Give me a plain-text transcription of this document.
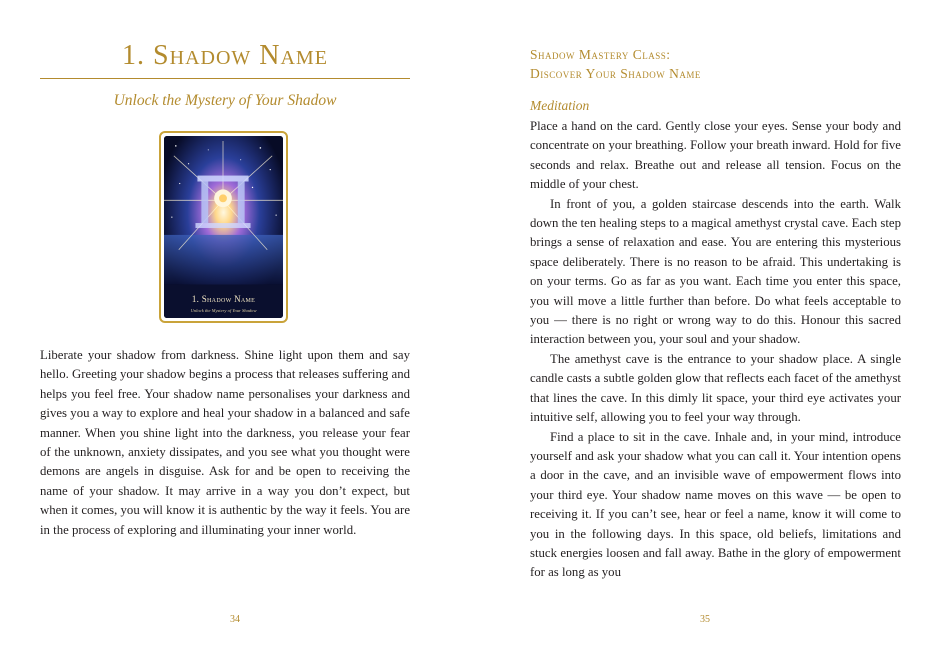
1. Shadow Name
Unlock the Mystery of Your Shadow
1. Shadow Name
Unlock the Mystery of Your Shadow
Liberate your shadow from darkness. Shine light upon them and say hello. Greeting your shadow begins a process that releases suffering and helps you feel free. Your shadow name personalises your darkness and gives you a way to explore and heal your shadow in a balanced and safe manner. When you shine light into the darkness, you release your fear of the unknown, anxiety dissipates, and you see what you thought were demons are angels in disguise. Ask for and be open to receiving the name of your shadow. It may arrive in a way you don’t expect, but when it comes, you will know it is authentic by the way it feels. You are in the process of exploring and illuminating your inner world.
34
Shadow Mastery Class:
Discover Your Shadow Name
Meditation

Place a hand on the card. Gently close your eyes. Sense your body and concentrate on your breathing. Follow your breath inward. Hold for five seconds and relax. Breathe out and release all tension. Focus on the middle of your chest.

In front of you, a golden staircase descends into the earth. Walk down the ten healing steps to a magical amethyst crystal cave. Each step brings a sense of relaxation and ease. You are entering this mysterious space deliberately. There is no reason to be afraid. This undertaking is on your terms. Go as far as you want. Each time you enter this space, you will move a little further than before. Do what feels acceptable to you — there is no right or wrong way to do this. Honour this sacred interaction between you, your soul and your shadow.

The amethyst cave is the entrance to your shadow place. A single candle casts a subtle golden glow that reflects each facet of the amethyst that lines the cave. In this dimly lit space, your third eye activates your intuitive self, allowing you to feel your way through.

Find a place to sit in the cave. Inhale and, in your mind, introduce yourself and ask your shadow what you can call it. Your intention opens a door in the cave, and an invisible wave of empowerment flows into your third eye. Your shadow name moves on this wave — be open to receiving it. If you can’t see, hear or feel a name, know it will come to you in the following days. In this space, old beliefs, limitations and stuck energies loosen and fall away. Bathe in the glory of empowerment for as long as you

35
